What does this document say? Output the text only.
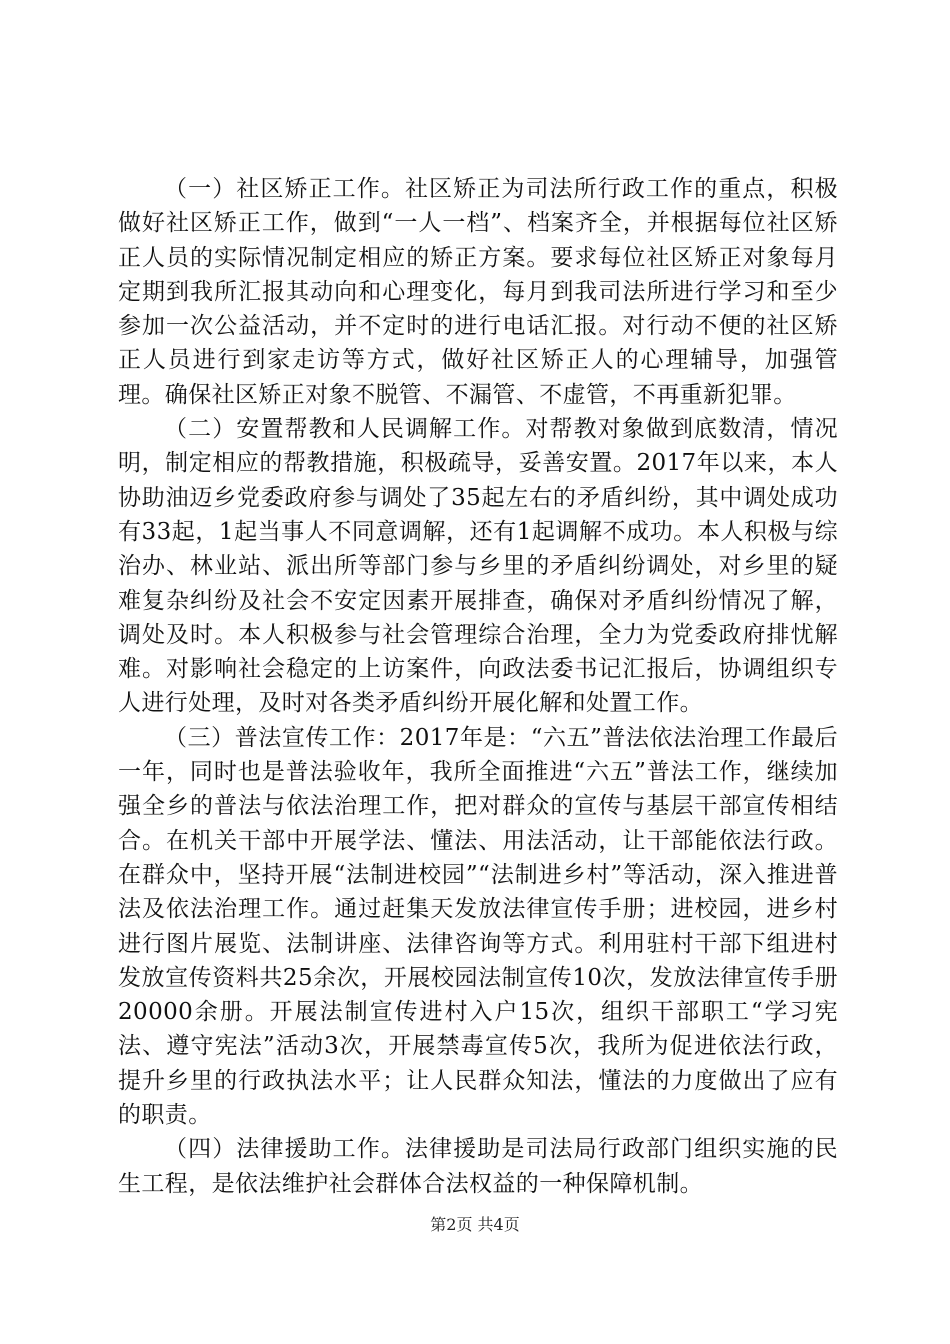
（一）社区矫正工作。社区矫正为司法所行政工作的重点，积极做好社区矫正工作，做到“一人一档”、档案齐全，并根据每位社区矫正人员的实际情况制定相应的矫正方案。要求每位社区矫正对象每月定期到我所汇报其动向和心理变化，每月到我司法所进行学习和至少参加一次公益活动，并不定时的进行电话汇报。对行动不便的社区矫正人员进行到家走访等方式，做好社区矫正人的心理辅导，加强管理。确保社区矫正对象不脱管、不漏管、不虚管，不再重新犯罪。

（二）安置帮教和人民调解工作。对帮教对象做到底数清，情况明，制定相应的帮教措施，积极疏导，妥善安置。2017年以来，本人协助油迈乡党委政府参与调处了35起左右的矛盾纠纷，其中调处成功有33起，1起当事人不同意调解，还有1起调解不成功。本人积极与综治办、林业站、派出所等部门参与乡里的矛盾纠纷调处，对乡里的疑难复杂纠纷及社会不安定因素开展排查，确保对矛盾纠纷情况了解，调处及时。本人积极参与社会管理综合治理，全力为党委政府排忧解难。对影响社会稳定的上访案件，向政法委书记汇报后，协调组织专人进行处理，及时对各类矛盾纠纷开展化解和处置工作。

（三）普法宣传工作：2017年是：“六五”普法依法治理工作最后一年，同时也是普法验收年，我所全面推进“六五”普法工作，继续加强全乡的普法与依法治理工作，把对群众的宣传与基层干部宣传相结合。在机关干部中开展学法、懂法、用法活动，让干部能依法行政。在群众中，坚持开展“法制进校园”“法制进乡村”等活动，深入推进普法及依法治理工作。通过赶集天发放法律宣传手册；进校园，进乡村进行图片展览、法制讲座、法律咨询等方式。利用驻村干部下组进村发放宣传资料共25余次，开展校园法制宣传10次，发放法律宣传手册20000余册。开展法制宣传进村入户15次，组织干部职工“学习宪法、遵守宪法”活动3次，开展禁毒宣传5次，我所为促进依法行政，提升乡里的行政执法水平；让人民群众知法，懂法的力度做出了应有的职责。

（四）法律援助工作。法律援助是司法局行政部门组织实施的民生工程，是依法维护社会群体合法权益的一种保障机制。

第2页 共4页
